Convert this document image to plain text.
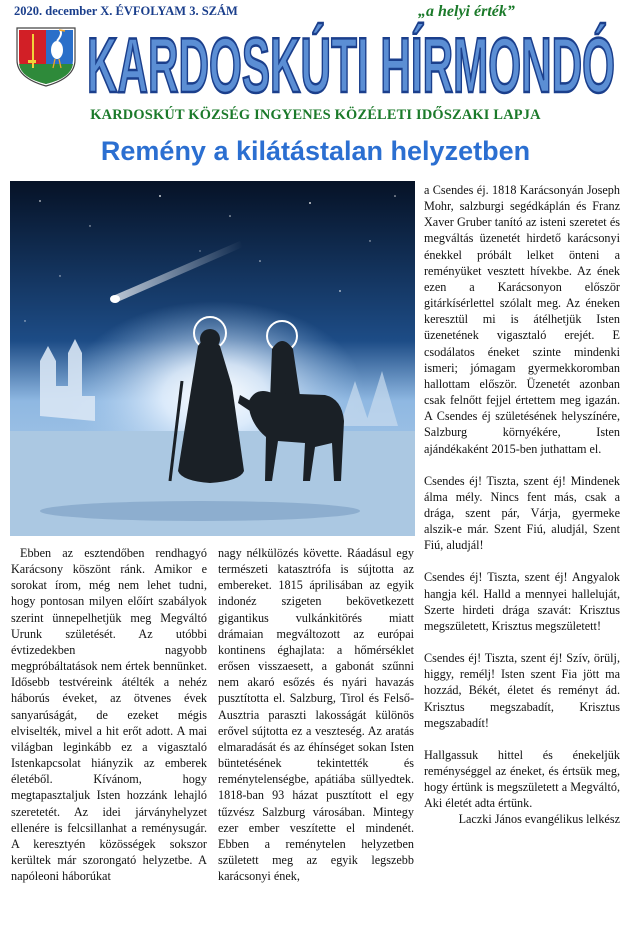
2020. december X. ÉVFOLYAM 3. SZÁM	„a helyi érték”
KARDOSKÚTI HÍRMONDÓ
KARDOSKÚT KÖZSÉG INGYENES KÖZÉLETI IDŐSZAKI LAPJA
Remény a kilátástalan helyzetben

Ebben az esztendőben rendhagyó Karácsony köszönt ránk. Amikor e sorokat írom, még nem lehet tudni, hogy pontosan milyen előírt szabályok szerint ünnepelhetjük meg Megváltó Urunk születését. Az utóbbi évtizedekben nagyobb megpróbáltatások nem értek bennünket. Idősebb testvéreink átélték a nehéz háborús éveket, az ötvenes évek sanyarúságát, de ezeket mégis elviselték, mivel a hit erőt adott. A mai világban leginkább ez a vigasztaló Istenkapcsolat hiányzik az emberek életéből. Kívánom, hogy megtapasztaljuk Isten hozzánk lehajló szeretetét. Az idei járványhelyzet ellenére is felcsillanhat a reménysugár. A keresztyén közösségek sokszor kerültek már szorongató helyzetbe. A napóleoni háborúkat

nagy nélkülözés követte. Ráadásul egy természeti katasztrófa is sújtotta az embereket. 1815 áprilisában az egyik indonéz szigeten bekövetkezett gigantikus vulkánkitörés miatt drámaian megváltozott az európai kontinens éghajlata: a hőmérséklet erősen visszaesett, a gabonát szűnni nem akaró esőzés és nyári havazás pusztította el. Salzburg, Tirol és Felső-Ausztria paraszti lakosságát különös erővel sújtotta ez a veszteség. Az aratás elmaradását és az éhínséget sokan Isten büntetésének tekintették és reménytelenségbe, apátiába süllyedtek. 1818-ban 93 házat pusztított el egy tűzvész Salzburg városában. Mintegy ezer ember veszítette el mindenét. Ebben a reménytelen helyzetben született meg az egyik legszebb karácsonyi ének,

a Csendes éj. 1818 Karácsonyán Joseph Mohr, salzburgi segédkáplán és Franz Xaver Gruber tanító az isteni szeretet és megváltás üzenetét hirdető karácsonyi énekkel próbált lelket önteni a reményüket vesztett hívekbe. Az ének ezen a Karácsonyon először gitárkísérlettel szólalt meg. Az éneken keresztül mi is átélhetjük Isten üzenetének vigasztaló erejét. E csodálatos éneket szinte mindenki ismeri; jómagam gyermekkoromban hallottam először. Üzenetét azonban csak felnőtt fejjel értettem meg igazán. A Csendes éj születésének helyszínére, Salzburg környékére, Isten ajándékaként 2015-ben juthattam el.

Csendes éj! Tiszta, szent éj! Mindenek álma mély. Nincs fent más, csak a drága, szent pár, Várja, gyermeke alszik-e már. Szent Fiú, aludjál, Szent Fiú, aludjál!

Csendes éj! Tiszta, szent éj! Angyalok hangja kél. Halld a mennyei halleluját, Szerte hirdeti drága szavát: Krisztus megszületett, Krisztus megszületett!

Csendes éj! Tiszta, szent éj! Szív, örülj, higgy, remélj! Isten szent Fia jött ma hozzád, Békét, életet és reményt ád. Krisztus megszabadít, Krisztus megszabadít!

Hallgassuk hittel és énekeljük reménységgel az éneket, és értsük meg, hogy értünk is megszületett a Megváltó, Aki életét adta értünk.

Laczki János evangélikus lelkész
